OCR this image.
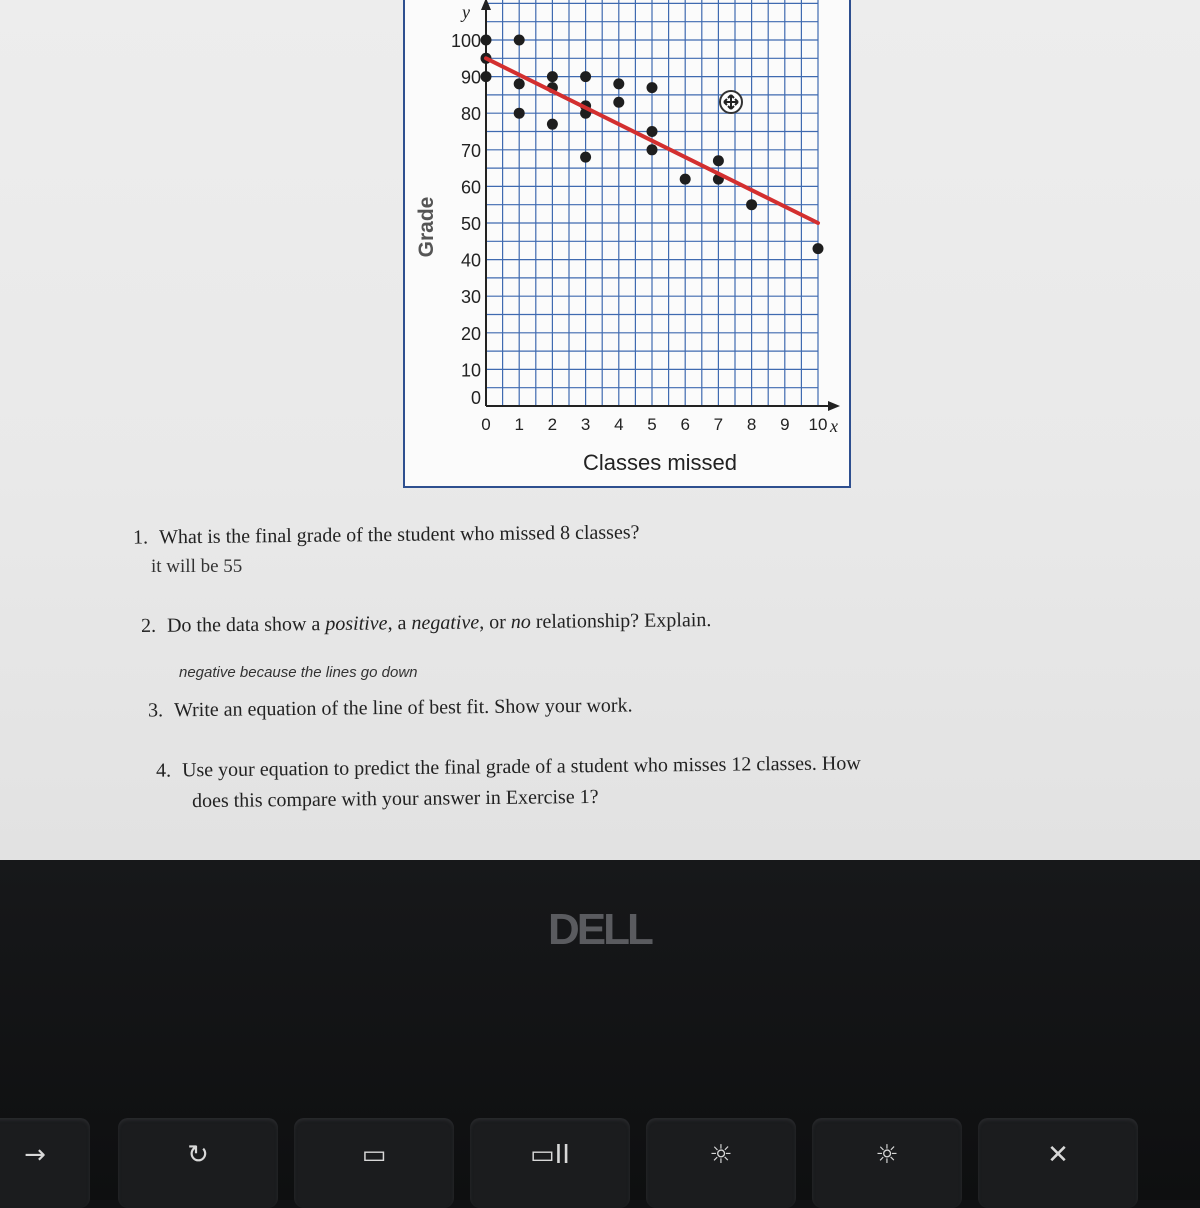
0
10
20
30
40
50
60
70
80
90
100
0 1 2 3 4 5 6 7 8 9 10 x
y
Classes missed
Grade
1. What is the final grade of the student who missed 8 classes?
it will be 55
2. Do the data show a positive, a negative, or no relationship? Explain.
negative because the lines go down
3. Write an equation of the line of best fit. Show your work.
4. Use your equation to predict the final grade of a student who misses 12 classes. How
does this compare with your answer in Exercise 1?
DELL
→	↻	▭	▭II	☼	☼	✕
